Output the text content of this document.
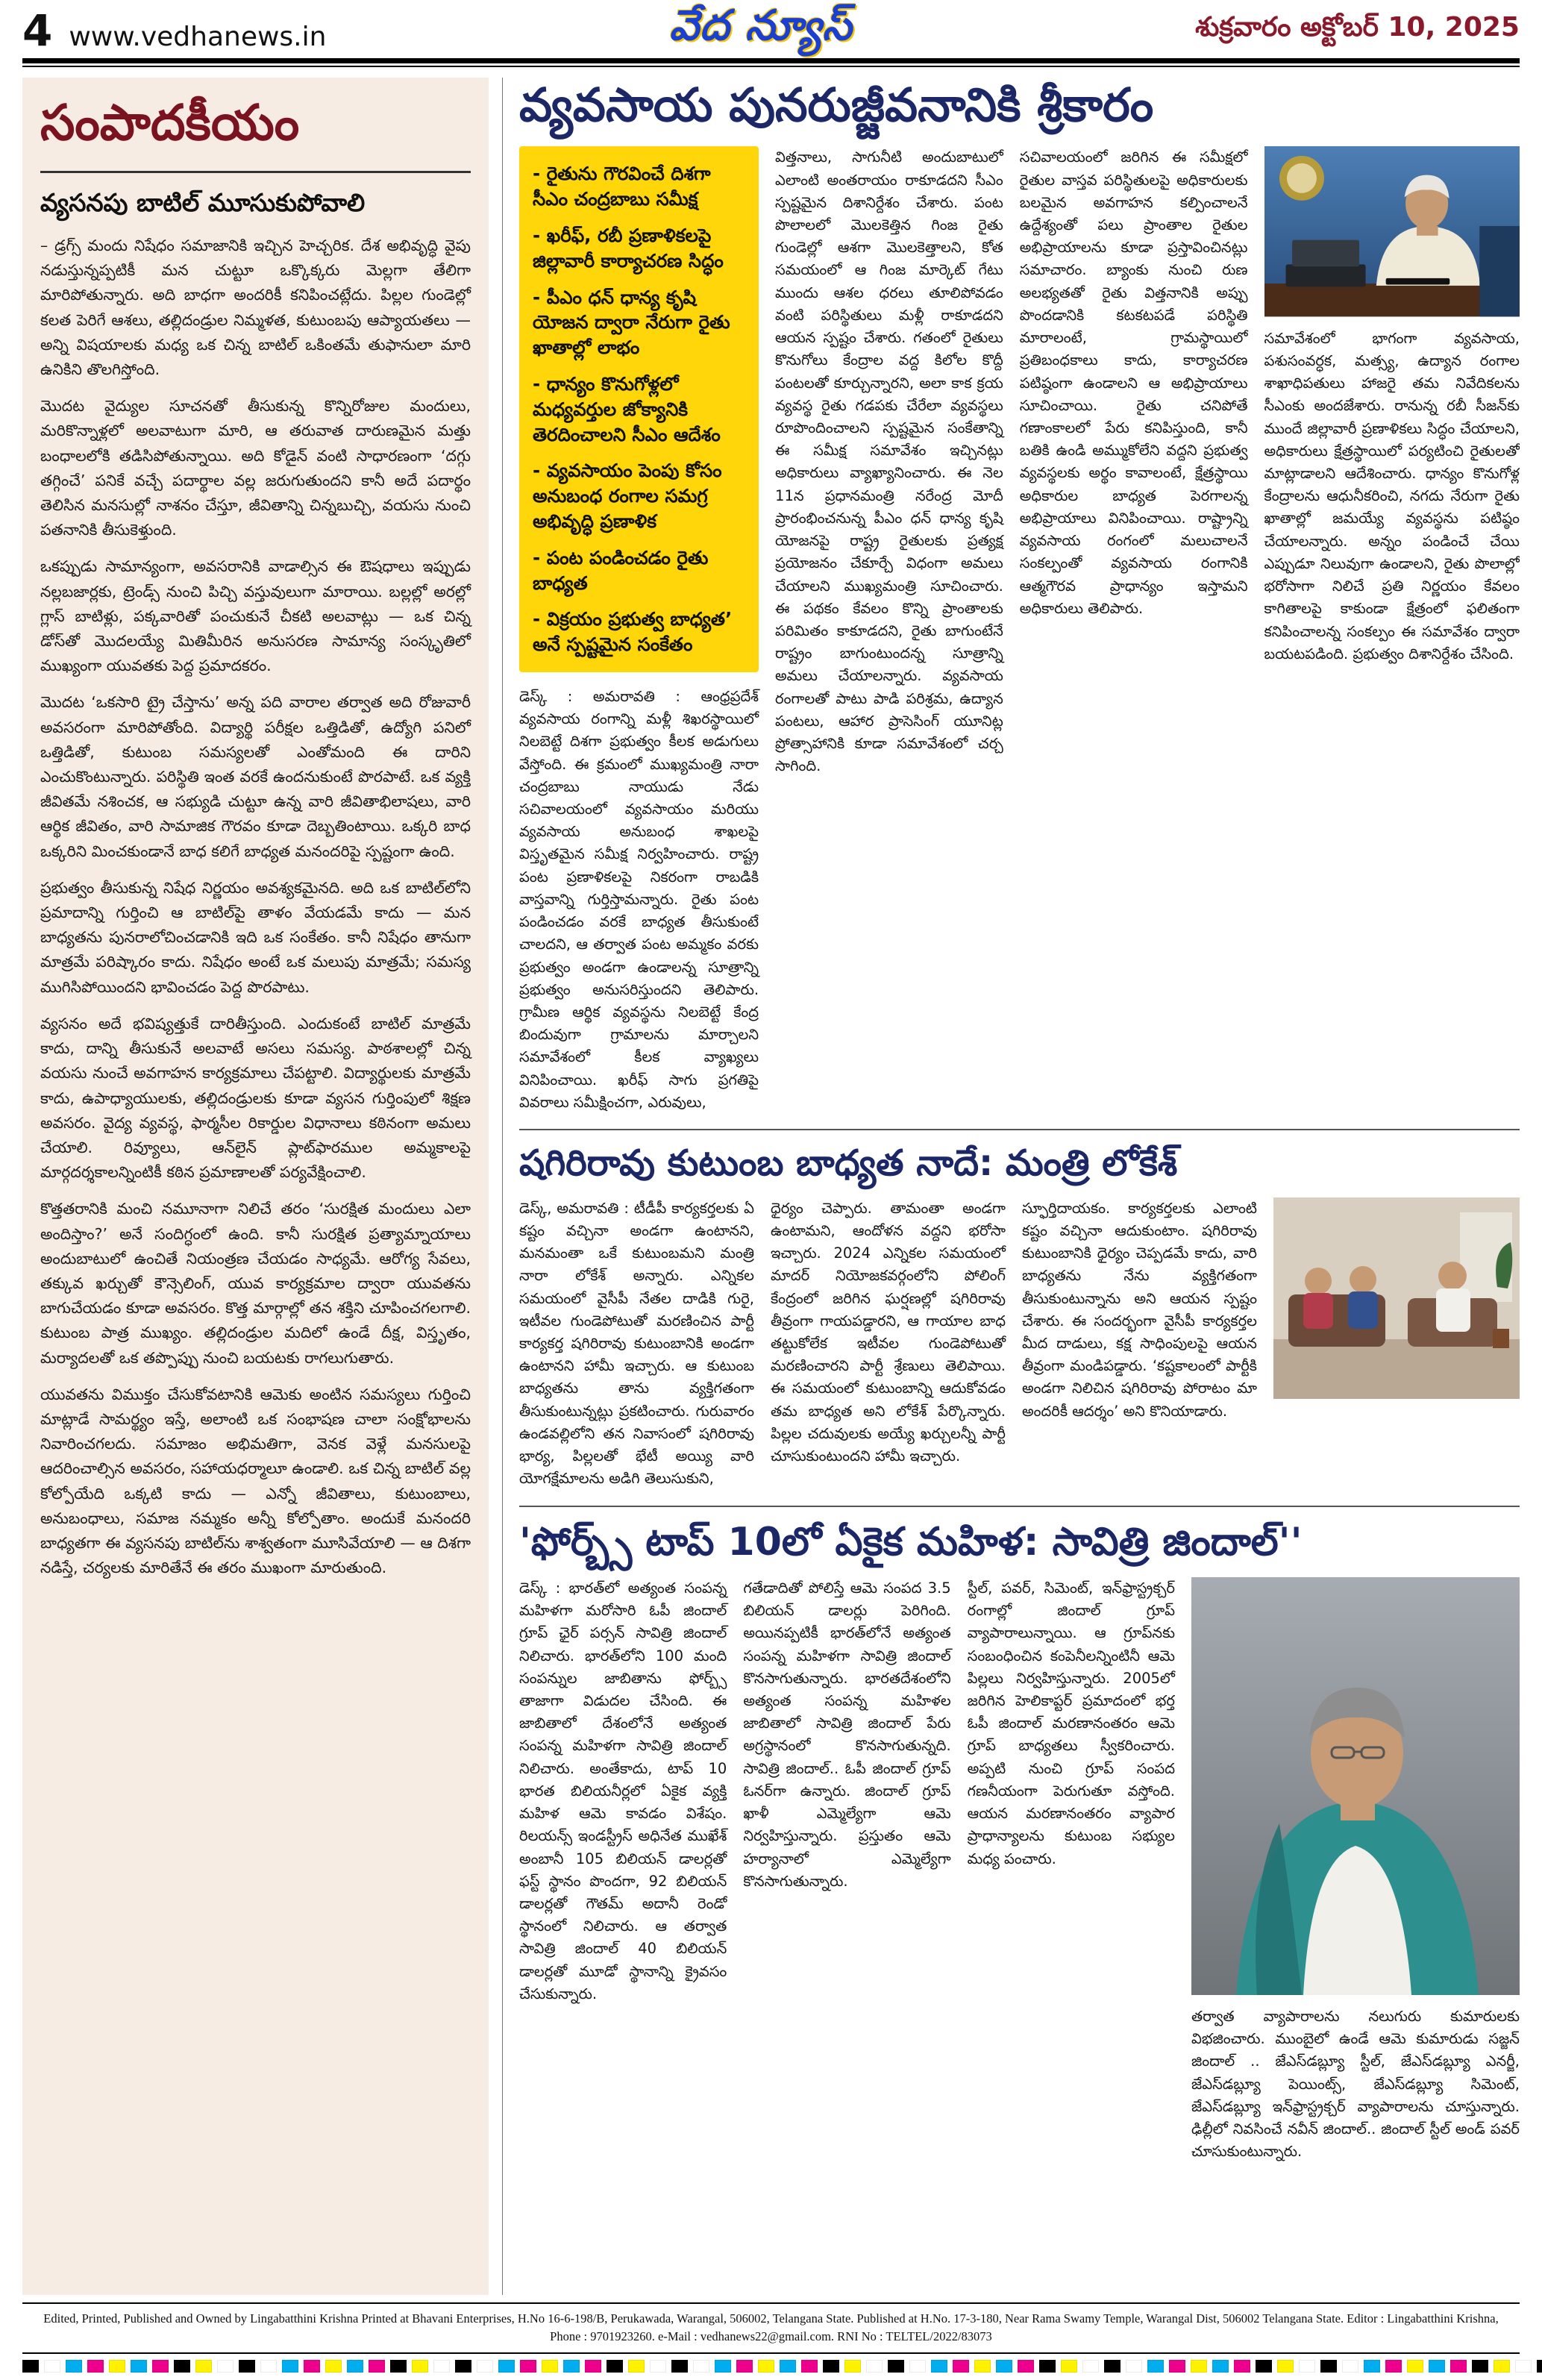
4 www.vedhanews.in	వేద న్యూస్	శుక్రవారం అక్టోబర్ 10, 2025
సంపాదకీయం
వ్యసనపు బాటిల్ మూసుకుపోవాలి

– డ్రగ్స్ మందు నిషేధం సమాజానికి ఇచ్చిన హెచ్చరిక. దేశ అభివృద్ధి వైపు నడుస్తున్నప్పటికీ మన చుట్టూ ఒక్కొక్కరు మెల్లగా తేలిగా మారిపోతున్నారు. అది బాధగా అందరికీ కనిపించట్లేదు. పిల్లల గుండెల్లో కలత పెరిగే ఆశలు, తల్లిదండ్రుల నిమ్మళత, కుటుంబపు ఆప్యాయతలు — అన్ని విషయాలకు మధ్య ఒక చిన్న బాటిల్ ఒకింతమే తుఫానులా మారి ఉనికిని తొలగిస్తోంది.

మొదట వైద్యుల సూచనతో తీసుకున్న కొన్నిరోజుల మందులు, మరికొన్నాళ్లలో అలవాటుగా మారి, ఆ తరువాత దారుణమైన మత్తు బంధాలలోకి తడిసిపోతున్నాయి. అది కోడైన్ వంటి సాధారణంగా ‘దగ్గు తగ్గించే’ పనికే వచ్చే పదార్థాల వల్ల జరుగుతుందని కానీ అదే పదార్థం తెలిసిన మనసుల్లో నాశనం చేస్తూ, జీవితాన్ని చిన్నబుచ్చి, వయసు నుంచి పతనానికి తీసుకెళ్తుంది.

ఒకప్పుడు సామాన్యంగా, అవసరానికి వాడాల్సిన ఈ ఔషధాలు ఇప్పుడు నల్లబజార్లకు, ట్రెండ్స్ నుంచి పిచ్చి వస్తువులుగా మారాయి. బల్లల్లో అరల్లో గ్లాస్ బాటిళ్లు, పక్కవారితో పంచుకునే చీకటి అలవాట్లు — ఒక చిన్న డోస్‌తో మొదలయ్యే మితిమీరిన అనుసరణ సామాన్య సంస్కృతిలో ముఖ్యంగా యువతకు పెద్ద ప్రమాదకరం.

మొదట ‘ఒకసారి ట్రై చేస్తాను’ అన్న పది వారాల తర్వాత అది రోజువారీ అవసరంగా మారిపోతోంది. విద్యార్థి పరీక్షల ఒత్తిడితో, ఉద్యోగి పనిలో ఒత్తిడితో, కుటుంబ సమస్యలతో ఎంతోమంది ఈ దారిని ఎంచుకొంటున్నారు. పరిస్థితి ఇంత వరకే ఉందనుకుంటే పొరపాటే. ఒక వ్యక్తి జీవితమే నశించక, ఆ సభ్యుడి చుట్టూ ఉన్న వారి జీవితాభిలాషలు, వారి ఆర్థిక జీవితం, వారి సామాజిక గౌరవం కూడా దెబ్బతింటాయి. ఒక్కరి బాధ ఒక్కరిని మించకుండానే బాధ కలిగే బాధ్యత మనందరిపై స్పష్టంగా ఉంది.

ప్రభుత్వం తీసుకున్న నిషేధ నిర్ణయం అవశ్యకమైనది. అది ఒక బాటిల్‌లోని ప్రమాదాన్ని గుర్తించి ఆ బాటిల్‌పై తాళం వేయడమే కాదు — మన బాధ్యతను పునరాలోచించడానికి ఇది ఒక సంకేతం. కానీ నిషేధం తానుగా మాత్రమే పరిష్కారం కాదు. నిషేధం అంటే ఒక మలుపు మాత్రమే; సమస్య ముగిసిపోయిందని భావించడం పెద్ద పొరపాటు.

వ్యసనం అదే భవిష్యత్తుకే దారితీస్తుంది. ఎందుకంటే బాటిల్ మాత్రమే కాదు, దాన్ని తీసుకునే అలవాటే అసలు సమస్య. పాఠశాలల్లో చిన్న వయసు నుంచే అవగాహన కార్యక్రమాలు చేపట్టాలి. విద్యార్థులకు మాత్రమే కాదు, ఉపాధ్యాయులకు, తల్లిదండ్రులకు కూడా వ్యసన గుర్తింపులో శిక్షణ అవసరం. వైద్య వ్యవస్థ, ఫార్మసీల రికార్డుల విధానాలు కఠినంగా అమలు చేయాలి. రివ్యూలు, ఆన్‌లైన్ ప్లాట్‌ఫారముల అమ్మకాలపై మార్గదర్శకాలన్నింటికీ కఠిన ప్రమాణాలతో పర్యవేక్షించాలి.

కొత్తతరానికి మంచి నమూనాగా నిలిచే తరం ‘సురక్షిత మందులు ఎలా అందిస్తాం?’ అనే సందిగ్ధంలో ఉంది. కానీ సురక్షిత ప్రత్యామ్నాయాలు అందుబాటులో ఉంచితే నియంత్రణ చేయడం సాధ్యమే. ఆరోగ్య సేవలు, తక్కువ ఖర్చుతో కౌన్సెలింగ్, యువ కార్యక్రమాల ద్వారా యువతను బాగుచేయడం కూడా అవసరం. కొత్త మార్గాల్లో తన శక్తిని చూపించగలగాలి. కుటుంబ పాత్ర ముఖ్యం. తల్లిదండ్రుల మదిలో ఉండే దీక్ష, విస్తృతం, మర్యాదలతో ఒక తప్పొప్పు నుంచి బయటకు రాగలుగుతారు.

యువతను విముక్తం చేసుకోవటానికి ఆమెకు అంటిన సమస్యలు గుర్తించి మాట్లాడే సామర్థ్యం ఇస్తే, అలాంటి ఒక సంభాషణ చాలా సంక్షోభాలను నివారించగలదు. సమాజం అభిమతిగా, వెనక వెళ్లే మనసులపై ఆదరించాల్సిన అవసరం, సహాయధర్మాలూ ఉండాలి. ఒక చిన్న బాటిల్ వల్ల కోల్పోయేది ఒక్కటి కాదు — ఎన్నో జీవితాలు, కుటుంబాలు, అనుబంధాలు, సమాజ నమ్మకం అన్నీ కోల్పోతాం. అందుకే మనందరి బాధ్యతగా ఈ వ్యసనపు బాటిల్‌ను శాశ్వతంగా మూసివేయాలి — ఆ దిశగా నడిస్తే, చర్యలకు మారితేనే ఈ తరం ముఖంగా మారుతుంది.

వ్యవసాయ పునరుజ్జీవనానికి శ్రీకారం
- రైతును గౌరవించే దిశగా సీఎం చంద్రబాబు సమీక్ష
- ఖరీఫ్, రబీ ప్రణాళికలపై జిల్లావారీ కార్యాచరణ సిద్ధం
- పీఎం ధన్ ధాన్య కృషి యోజన ద్వారా నేరుగా రైతు ఖాతాల్లో లాభం
- ధాన్యం కొనుగోళ్లలో మధ్యవర్తుల జోక్యానికి తెరదించాలని సీఎం ఆదేశం
- వ్యవసాయం పెంపు కోసం అనుబంధ రంగాల సమగ్ర అభివృద్ధి ప్రణాళిక
- పంట పండించడం రైతు బాధ్యత
- విక్రయం ప్రభుత్వ బాధ్యత’ అనే స్పష్టమైన సంకేతం

డెస్క్ : అమరావతి : ఆంధ్రప్రదేశ్ వ్యవసాయ రంగాన్ని మళ్లీ శిఖరస్థాయిలో నిలబెట్టే దిశగా ప్రభుత్వం కీలక అడుగులు వేస్తోంది. ఈ క్రమంలో ముఖ్యమంత్రి నారా చంద్రబాబు నాయుడు నేడు సచివాలయంలో వ్యవసాయం మరియు వ్యవసాయ అనుబంధ శాఖలపై విస్తృతమైన సమీక్ష నిర్వహించారు. రాష్ట్ర పంట ప్రణాళికలపై నికరంగా రాబడికి వాస్తవాన్ని గుర్తిస్తామన్నారు. రైతు పంట పండించడం వరకే బాధ్యత తీసుకుంటే చాలదని, ఆ తర్వాత పంట అమ్మకం వరకు ప్రభుత్వం అండగా ఉండాలన్న సూత్రాన్ని ప్రభుత్వం అనుసరిస్తుందని తెలిపారు. గ్రామీణ ఆర్థిక వ్యవస్థను నిలబెట్టే కేంద్ర బిందువుగా గ్రామాలను మార్చాలని సమావేశంలో కీలక వ్యాఖ్యలు వినిపించాయి. ఖరీఫ్ సాగు ప్రగతిపై వివరాలు సమీక్షించగా, ఎరువులు,

విత్తనాలు, సాగునీటి అందుబాటులో ఎలాంటి అంతరాయం రాకూడదని సీఎం స్పష్టమైన దిశానిర్దేశం చేశారు. పంట పొలాలలో మొలకెత్తిన గింజ రైతు గుండెల్లో ఆశగా మొలకెత్తాలని, కోత సమయంలో ఆ గింజ మార్కెట్ గేటు ముందు ఆశల ధరలు తూలిపోవడం వంటి పరిస్థితులు మళ్లీ రాకూడదని ఆయన స్పష్టం చేశారు. గతంలో రైతులు కొనుగోలు కేంద్రాల వద్ద కిలోల కొద్దీ పంటలతో కూర్చున్నారని, అలా కాక క్రయ వ్యవస్థ రైతు గడపకు చేరేలా వ్యవస్థలు రూపొందించాలని స్పష్టమైన సంకేతాన్ని ఈ సమీక్ష సమావేశం ఇచ్చినట్లు అధికారులు వ్యాఖ్యానించారు. ఈ నెల 11న ప్రధానమంత్రి నరేంద్ర మోదీ ప్రారంభించనున్న పీఎం ధన్ ధాన్య కృషి యోజనపై రాష్ట్ర రైతులకు ప్రత్యక్ష ప్రయోజనం చేకూర్చే విధంగా అమలు చేయాలని ముఖ్యమంత్రి సూచించారు. ఈ పథకం కేవలం కొన్ని ప్రాంతాలకు పరిమితం కాకూడదని, రైతు బాగుంటేనే రాష్ట్రం బాగుంటుందన్న సూత్రాన్ని అమలు చేయాలన్నారు. వ్యవసాయ రంగాలతో పాటు పాడి పరిశ్రమ, ఉద్యాన పంటలు, ఆహార ప్రాసెసింగ్ యూనిట్ల ప్రోత్సాహానికి కూడా సమావేశంలో చర్చ సాగింది.

సచివాలయంలో జరిగిన ఈ సమీక్షలో రైతుల వాస్తవ పరిస్థితులపై అధికారులకు బలమైన అవగాహన కల్పించాలనే ఉద్దేశ్యంతో పలు ప్రాంతాల రైతుల అభిప్రాయాలను కూడా ప్రస్తావించినట్లు సమాచారం. బ్యాంకు నుంచి రుణ అలభ్యతతో రైతు విత్తనానికి అప్పు పొందడానికి కటకటపడే పరిస్థితి మారాలంటే, గ్రామస్థాయిలో ప్రతిబంధకాలు కాదు, కార్యాచరణ పటిష్ఠంగా ఉండాలని ఆ అభిప్రాయాలు సూచించాయి. రైతు చనిపోతే గణాంకాలలో పేరు కనిపిస్తుంది, కానీ బతికి ఉండి అమ్ముకోలేని వద్దని ప్రభుత్వ వ్యవస్థలకు అర్థం కావాలంటే, క్షేత్రస్థాయి అధికారుల బాధ్యత పెరగాలన్న అభిప్రాయాలు వినిపించాయి. రాష్ట్రాన్ని వ్యవసాయ రంగంలో మలుచాలనే సంకల్పంతో వ్యవసాయ రంగానికి ఆత్మగౌరవ ప్రాధాన్యం ఇస్తామని అధికారులు తెలిపారు.

సమావేశంలో భాగంగా వ్యవసాయ, పశుసంవర్ధక, మత్స్య, ఉద్యాన రంగాల శాఖాధిపతులు హాజరై తమ నివేదికలను సీఎంకు అందజేశారు. రానున్న రబీ సీజన్‌కు ముందే జిల్లావారీ ప్రణాళికలు సిద్ధం చేయాలని, అధికారులు క్షేత్రస్థాయిలో పర్యటించి రైతులతో మాట్లాడాలని ఆదేశించారు. ధాన్యం కొనుగోళ్ల కేంద్రాలను ఆధునీకరించి, నగదు నేరుగా రైతు ఖాతాల్లో జమయ్యే వ్యవస్థను పటిష్ఠం చేయాలన్నారు. అన్నం పండించే చేయి ఎప్పుడూ నిలువుగా ఉండాలని, రైతు పొలాల్లో భరోసాగా నిలిచే ప్రతి నిర్ణయం కేవలం కాగితాలపై కాకుండా క్షేత్రంలో ఫలితంగా కనిపించాలన్న సంకల్పం ఈ సమావేశం ద్వారా బయటపడింది. ప్రభుత్వం దిశానిర్దేశం చేసింది.

షగిరిరావు కుటుంబ బాధ్యత నాదే: మంత్రి లోకేశ్

డెస్క్, అమరావతి : టీడీపీ కార్యకర్తలకు ఏ కష్టం వచ్చినా అండగా ఉంటానని, మనమంతా ఒకే కుటుంబమని మంత్రి నారా లోకేశ్ అన్నారు. ఎన్నికల సమయంలో వైసీపీ నేతల దాడికి గురై, ఇటీవల గుండెపోటుతో మరణించిన పార్టీ కార్యకర్త షగిరిరావు కుటుంబానికి అండగా ఉంటానని హామీ ఇచ్చారు. ఆ కుటుంబ బాధ్యతను తాను వ్యక్తిగతంగా తీసుకుంటున్నట్లు ప్రకటించారు. గురువారం ఉండవల్లిలోని తన నివాసంలో షగిరిరావు భార్య, పిల్లలతో భేటీ అయ్యి వారి యోగక్షేమాలను అడిగి తెలుసుకుని,

ధైర్యం చెప్పారు. తామంతా అండగా ఉంటామని, ఆందోళన వద్దని భరోసా ఇచ్చారు. 2024 ఎన్నికల సమయంలో మాదర్ నియోజకవర్గంలోని పోలింగ్ కేంద్రంలో జరిగిన ఘర్షణల్లో షగిరిరావు తీవ్రంగా గాయపడ్డారని, ఆ గాయాల బాధ తట్టుకోలేక ఇటీవల గుండెపోటుతో మరణించారని పార్టీ శ్రేణులు తెలిపాయి. ఈ సమయంలో కుటుంబాన్ని ఆదుకోవడం తమ బాధ్యత అని లోకేశ్ పేర్కొన్నారు. పిల్లల చదువులకు అయ్యే ఖర్చులన్నీ పార్టీ చూసుకుంటుందని హామీ ఇచ్చారు.

స్ఫూర్తిదాయకం. కార్యకర్తలకు ఎలాంటి కష్టం వచ్చినా ఆదుకుంటాం. షగిరిరావు కుటుంబానికి ధైర్యం చెప్పడమే కాదు, వారి బాధ్యతను నేను వ్యక్తిగతంగా తీసుకుంటున్నాను అని ఆయన స్పష్టం చేశారు. ఈ సందర్భంగా వైసీపీ కార్యకర్తల మీద దాడులు, కక్ష సాధింపులపై ఆయన తీవ్రంగా మండిపడ్డారు. ‘కష్టకాలంలో పార్టీకి అండగా నిలిచిన షగిరిరావు పోరాటం మా అందరికీ ఆదర్శం’ అని కొనియాడారు.

'ఫోర్బ్స్ టాప్ 10లో ఏకైక మహిళ: సావిత్రి జిందాల్''

డెస్క్ : భారత్‌లో అత్యంత సంపన్న మహిళగా మరోసారి ఓపీ జిందాల్ గ్రూప్ ఛైర్ పర్సన్ సావిత్రి జిందాల్ నిలిచారు. భారత్‌లోని 100 మంది సంపన్నుల జాబితాను ఫోర్బ్స్ తాజాగా విడుదల చేసింది. ఈ జాబితాలో దేశంలోనే అత్యంత సంపన్న మహిళగా సావిత్రి జిందాల్ నిలిచారు. అంతేకాదు, టాప్ 10 భారత బిలియనీర్లలో ఏకైక వ్యక్తి మహిళ ఆమె కావడం విశేషం. రిలయన్స్ ఇండస్ట్రీస్ అధినేత ముఖేశ్ అంబానీ 105 బిలియన్ డాలర్లతో ఫస్ట్ స్థానం పొందగా, 92 బిలియన్ డాలర్లతో గౌతమ్ అదానీ రెండో స్థానంలో నిలిచారు. ఆ తర్వాత సావిత్రి జిందాల్ 40 బిలియన్ డాలర్లతో మూడో స్థానాన్ని క్రైవసం చేసుకున్నారు.

గతేడాదితో పోలిస్తే ఆమె సంపద 3.5 బిలియన్ డాలర్లు పెరిగింది. అయినప్పటికీ భారత్‌లోనే అత్యంత సంపన్న మహిళగా సావిత్రి జిందాల్ కొనసాగుతున్నారు. భారతదేశంలోని అత్యంత సంపన్న మహిళల జాబితాలో సావిత్రి జిందాల్ పేరు అగ్రస్థానంలో కొనసాగుతున్నది. సావిత్రి జిందాల్.. ఓపీ జిందాల్ గ్రూప్ ఓనర్‌గా ఉన్నారు. జిందాల్ గ్రూప్ ఖాళీ ఎమ్మెల్యేగా ఆమె నిర్వహిస్తున్నారు. ప్రస్తుతం ఆమె హర్యానాలో ఎమ్మెల్యేగా కొనసాగుతున్నారు.

స్టీల్, పవర్, సిమెంట్, ఇన్‌ఫ్రాస్ట్రక్చర్ రంగాల్లో జిందాల్ గ్రూప్ వ్యాపారాలున్నాయి. ఆ గ్రూప్‌నకు సంబంధించిన కంపెనీలన్నింటినీ ఆమె పిల్లలు నిర్వహిస్తున్నారు. 2005లో జరిగిన హెలికాప్టర్ ప్రమాదంలో భర్త ఓపీ జిందాల్ మరణానంతరం ఆమె గ్రూప్ బాధ్యతలు స్వీకరించారు. అప్పటి నుంచి గ్రూప్ సంపద గణనీయంగా పెరుగుతూ వస్తోంది. ఆయన మరణానంతరం వ్యాపార ప్రాధాన్యాలను కుటుంబ సభ్యుల మధ్య పంచారు.

తర్వాత వ్యాపారాలను నలుగురు కుమారులకు విభజించారు. ముంబైలో ఉండే ఆమె కుమారుడు సజ్జన్ జిందాల్ .. జేఎస్‌డబ్ల్యూ స్టీల్, జేఎస్‌డబ్ల్యూ ఎనర్జీ, జేఎస్‌డబ్ల్యూ పెయింట్స్, జేఎస్‌డబ్ల్యూ సిమెంట్, జేఎస్‌డబ్ల్యూ ఇన్‌ఫ్రాస్ట్రక్చర్ వ్యాపారాలను చూస్తున్నారు. ఢిల్లీలో నివసించే నవీన్ జిందాల్.. జిందాల్ స్టీల్ అండ్ పవర్ చూసుకుంటున్నారు.

Edited, Printed, Published and Owned by Lingabatthini Krishna Printed at Bhavani Enterprises, H.No 16-6-198/B, Perukawada, Warangal, 506002, Telangana State. Published at H.No. 17-3-180, Near Rama Swamy Temple, Warangal Dist, 506002 Telangana State. Editor : Lingabatthini Krishna, Phone : 9701923260. e-Mail : vedhanews22@gmail.com. RNI No : TELTEL/2022/83073
